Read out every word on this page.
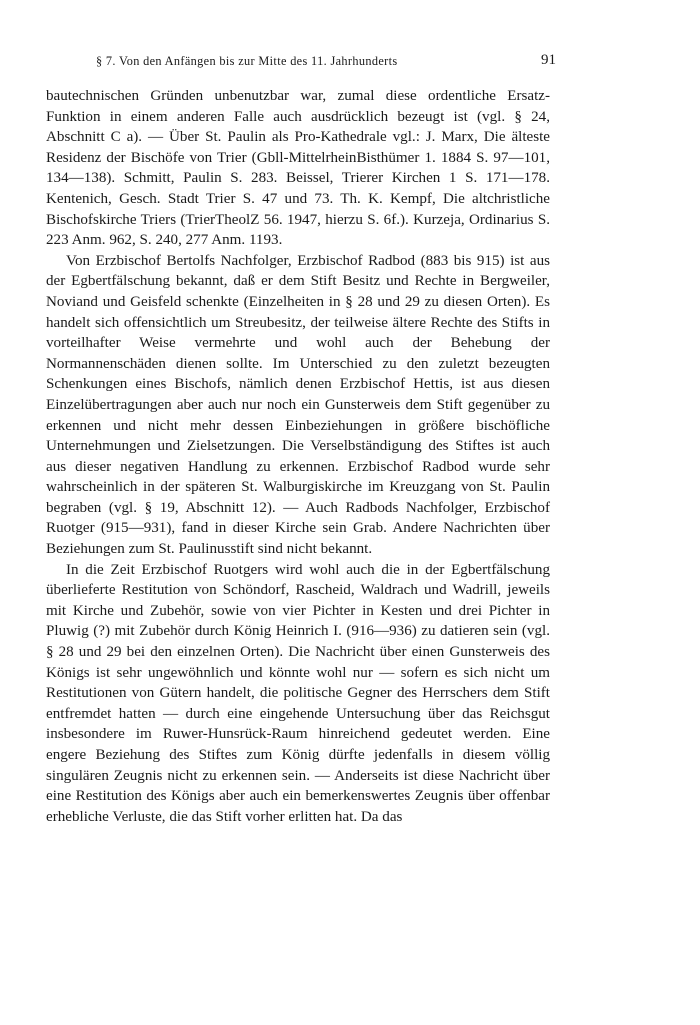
§ 7. Von den Anfängen bis zur Mitte des 11. Jahrhunderts	91

bautechnischen Gründen unbenutzbar war, zumal diese ordentliche Ersatz-Funktion in einem anderen Falle auch ausdrücklich bezeugt ist (vgl. § 24, Abschnitt C a). — Über St. Paulin als Pro-Kathedrale vgl.: J. Marx, Die älteste Residenz der Bischöfe von Trier (Gbll-MittelrheinBisthümer 1. 1884 S. 97—101, 134—138). Schmitt, Paulin S. 283. Beissel, Trierer Kirchen 1 S. 171—178. Kentenich, Gesch. Stadt Trier S. 47 und 73. Th. K. Kempf, Die altchristliche Bischofskirche Triers (TrierTheolZ 56. 1947, hierzu S. 6f.). Kurzeja, Ordinarius S. 223 Anm. 962, S. 240, 277 Anm. 1193.

Von Erzbischof Bertolfs Nachfolger, Erzbischof Radbod (883 bis 915) ist aus der Egbertfälschung bekannt, daß er dem Stift Besitz und Rechte in Bergweiler, Noviand und Geisfeld schenkte (Einzelheiten in § 28 und 29 zu diesen Orten). Es handelt sich offensichtlich um Streubesitz, der teilweise ältere Rechte des Stifts in vorteilhafter Weise vermehrte und wohl auch der Behebung der Normannenschäden dienen sollte. Im Unterschied zu den zuletzt bezeugten Schenkungen eines Bischofs, nämlich denen Erzbischof Hettis, ist aus diesen Einzelübertragungen aber auch nur noch ein Gunsterweis dem Stift gegenüber zu erkennen und nicht mehr dessen Einbeziehungen in größere bischöfliche Unternehmungen und Zielsetzungen. Die Verselbständigung des Stiftes ist auch aus dieser negativen Handlung zu erkennen. Erzbischof Radbod wurde sehr wahrscheinlich in der späteren St. Walburgiskirche im Kreuzgang von St. Paulin begraben (vgl. § 19, Abschnitt 12). — Auch Radbods Nachfolger, Erzbischof Ruotger (915—931), fand in dieser Kirche sein Grab. Andere Nachrichten über Beziehungen zum St. Paulinusstift sind nicht bekannt.

In die Zeit Erzbischof Ruotgers wird wohl auch die in der Egbertfälschung überlieferte Restitution von Schöndorf, Rascheid, Waldrach und Wadrill, jeweils mit Kirche und Zubehör, sowie von vier Pichter in Kesten und drei Pichter in Pluwig (?) mit Zubehör durch König Heinrich I. (916—936) zu datieren sein (vgl. § 28 und 29 bei den einzelnen Orten). Die Nachricht über einen Gunsterweis des Königs ist sehr ungewöhnlich und könnte wohl nur — sofern es sich nicht um Restitutionen von Gütern handelt, die politische Gegner des Herrschers dem Stift entfremdet hatten — durch eine eingehende Untersuchung über das Reichsgut insbesondere im Ruwer-Hunsrück-Raum hinreichend gedeutet werden. Eine engere Beziehung des Stiftes zum König dürfte jedenfalls in diesem völlig singulären Zeugnis nicht zu erkennen sein. — Anderseits ist diese Nachricht über eine Restitution des Königs aber auch ein bemerkenswertes Zeugnis über offenbar erhebliche Verluste, die das Stift vorher erlitten hat. Da das
